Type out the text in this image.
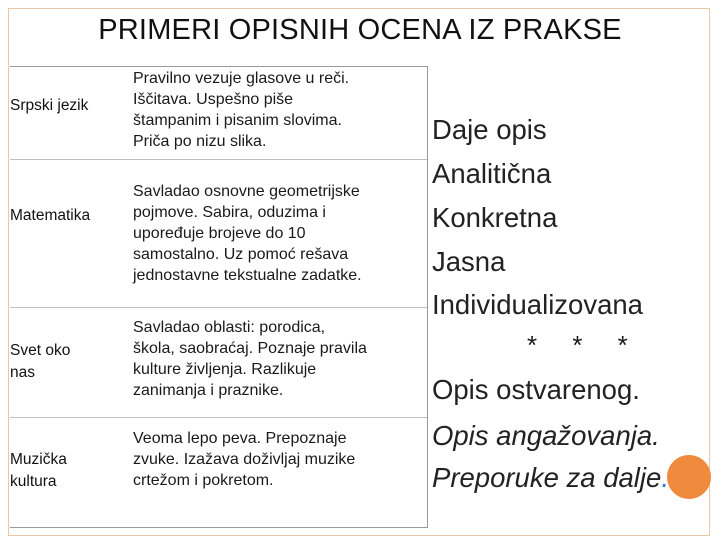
PRIMERI OPISNIH OCENA IZ PRAKSE
Srpski jezik
Pravilno vezuje glasove u reči.
Iščitava. Uspešno piše
štampanim i pisanim slovima.
Priča po nizu slika.
Matematika
Savladao osnovne geometrijske
pojmove. Sabira, oduzima i
upoređuje brojeve do 10
samostalno. Uz pomoć rešava
jednostavne tekstualne zadatke.
Svet oko
nas
Savladao oblasti: porodica,
škola, saobraćaj. Poznaje pravila
kulture življenja. Razlikuje
zanimanja i praznike.
Muzička
kultura
Veoma lepo peva. Prepoznaje
zvuke. Izažava doživljaj muzike
crtežom i pokretom.
Daje opis
Analitična
Konkretna
Jasna
Individualizovana
* * *
Opis ostvarenog.
Opis angažovanja.
Preporuke za dalje.
